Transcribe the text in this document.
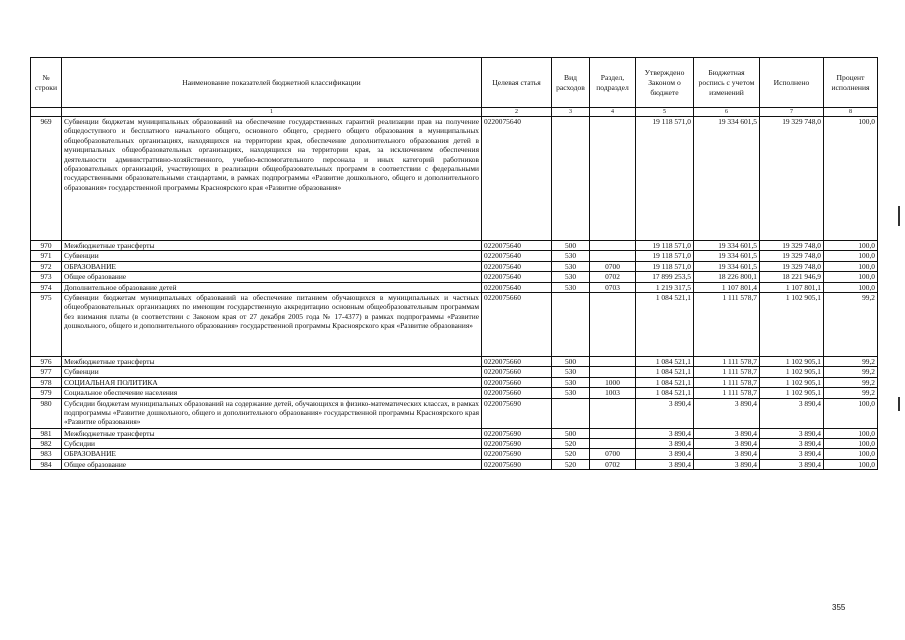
№ строки	Наименование показателей бюджетной классификации	Целевая статья	Вид расходов	Раздел, подраздел	Утверждено Законом о бюджете	Бюджетная роспись с учетом изменений	Исполнено	Процент исполнения
	1	2	3	4	5	6	7	8
969	Субвенции бюджетам муниципальных образований на обеспечение государственных гарантий реализации прав на получение общедоступного и бесплатного начального общего, основного общего, среднего общего образования в муниципальных общеобразовательных организациях, находящихся на территории края, обеспечение дополнительного образования детей в муниципальных общеобразовательных организациях, находящихся на территории края, за исключением обеспечения деятельности административно-хозяйственного, учебно-вспомогательного персонала и иных категорий работников образовательных организаций, участвующих в реализации общеобразовательных программ в соответствии с федеральными государственными образовательными стандартами, в рамках подпрограммы «Развитие дошкольного, общего и дополнительного образования» государственной программы Красноярского края «Развитие образования»	0220075640			19 118 571,0	19 334 601,5	19 329 748,0	100,0
970	Межбюджетные трансферты	0220075640	500		19 118 571,0	19 334 601,5	19 329 748,0	100,0
971	Субвенции	0220075640	530		19 118 571,0	19 334 601,5	19 329 748,0	100,0
972	ОБРАЗОВАНИЕ	0220075640	530	0700	19 118 571,0	19 334 601,5	19 329 748,0	100,0
973	Общее образование	0220075640	530	0702	17 899 253,5	18 226 800,1	18 221 946,9	100,0
974	Дополнительное образование детей	0220075640	530	0703	1 219 317,5	1 107 801,4	1 107 801,1	100,0
975	Субвенции бюджетам муниципальных образований на обеспечение питанием обучающихся в муниципальных и частных общеобразовательных организациях по имеющим государственную аккредитацию основным общеобразовательным программам без взимания платы (в соответствии с Законом края от 27 декабря 2005 года № 17-4377) в рамках подпрограммы «Развитие дошкольного, общего и дополнительного образования» государственной программы Красноярского края «Развитие образования»	0220075660			1 084 521,1	1 111 578,7	1 102 905,1	99,2
976	Межбюджетные трансферты	0220075660	500		1 084 521,1	1 111 578,7	1 102 905,1	99,2
977	Субвенции	0220075660	530		1 084 521,1	1 111 578,7	1 102 905,1	99,2
978	СОЦИАЛЬНАЯ ПОЛИТИКА	0220075660	530	1000	1 084 521,1	1 111 578,7	1 102 905,1	99,2
979	Социальное обеспечение населения	0220075660	530	1003	1 084 521,1	1 111 578,7	1 102 905,1	99,2
980	Субсидии бюджетам муниципальных образований на содержание детей, обучающихся в физико-математических классах, в рамках подпрограммы «Развитие дошкольного, общего и дополнительного образования» государственной программы Красноярского края «Развитие образования»	0220075690			3 890,4	3 890,4	3 890,4	100,0
981	Межбюджетные трансферты	0220075690	500		3 890,4	3 890,4	3 890,4	100,0
982	Субсидии	0220075690	520		3 890,4	3 890,4	3 890,4	100,0
983	ОБРАЗОВАНИЕ	0220075690	520	0700	3 890,4	3 890,4	3 890,4	100,0
984	Общее образование	0220075690	520	0702	3 890,4	3 890,4	3 890,4	100,0
355
